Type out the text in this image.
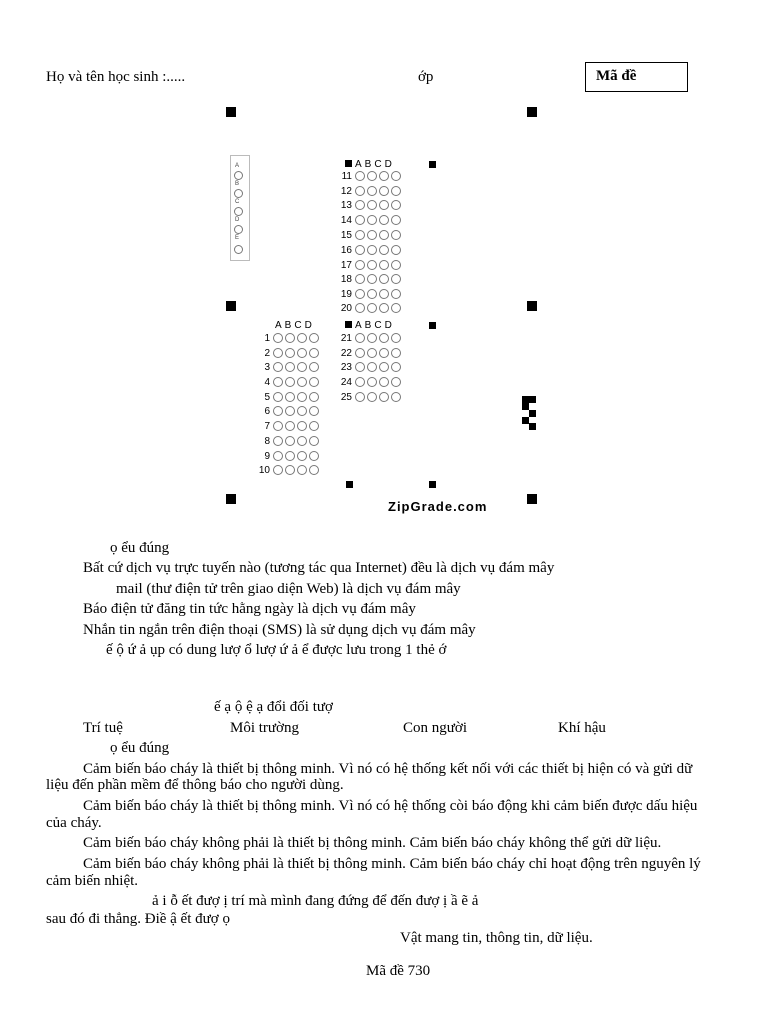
Họ và tên học sinh :.....	ớp	Mã đề
A
B
C
D
E
ABCD
ABCD
ABCD
1
2
3
4
5
6
7
8
9
10
11
12
13
14
15
16
17
18
19
20
21
22
23
24
25
ZipGrade.com
ọ ểu đúng
Bất cứ dịch vụ trực tuyến nào (tương tác qua Internet) đều là dịch vụ đám mây
mail (thư điện tử trên giao diện Web) là dịch vụ đám mây
Báo điện tử đăng tin tức hằng ngày là dịch vụ đám mây
Nhắn tin ngắn trên điện thoại (SMS) là sử dụng dịch vụ đám mây
ế ộ ứ ả ụp có dung lượ ổ lượ ứ ả ể được lưu trong 1 thẻ ớ
ế ạ ộ ệ ạ đổi đối tượ
Trí tuệ	Môi trường	Con người	Khí hậu
ọ ểu đúng
Cảm biến báo cháy là thiết bị thông minh. Vì nó có hệ thống kết nối với các thiết bị hiện có và gửi dữ
liệu đến phần mềm để thông báo cho người dùng.
Cảm biến báo cháy là thiết bị thông minh. Vì nó có hệ thống còi báo động khi cảm biến được dấu hiệu
của cháy.
Cảm biến báo cháy không phải là thiết bị thông minh. Cảm biến báo cháy không thể gửi dữ liệu.
Cảm biến báo cháy không phải là thiết bị thông minh. Cảm biến báo cháy chỉ hoạt động trên nguyên lý
cảm biến nhiệt.
ả i ỗ ết đượ ị trí mà mình đang đứng để đến đượ ị ầ ẽ ả
sau đó đi thẳng. Điề ậ ết đượ ọ
Vật mang tin, thông tin, dữ liệu.
Mã đề 730
